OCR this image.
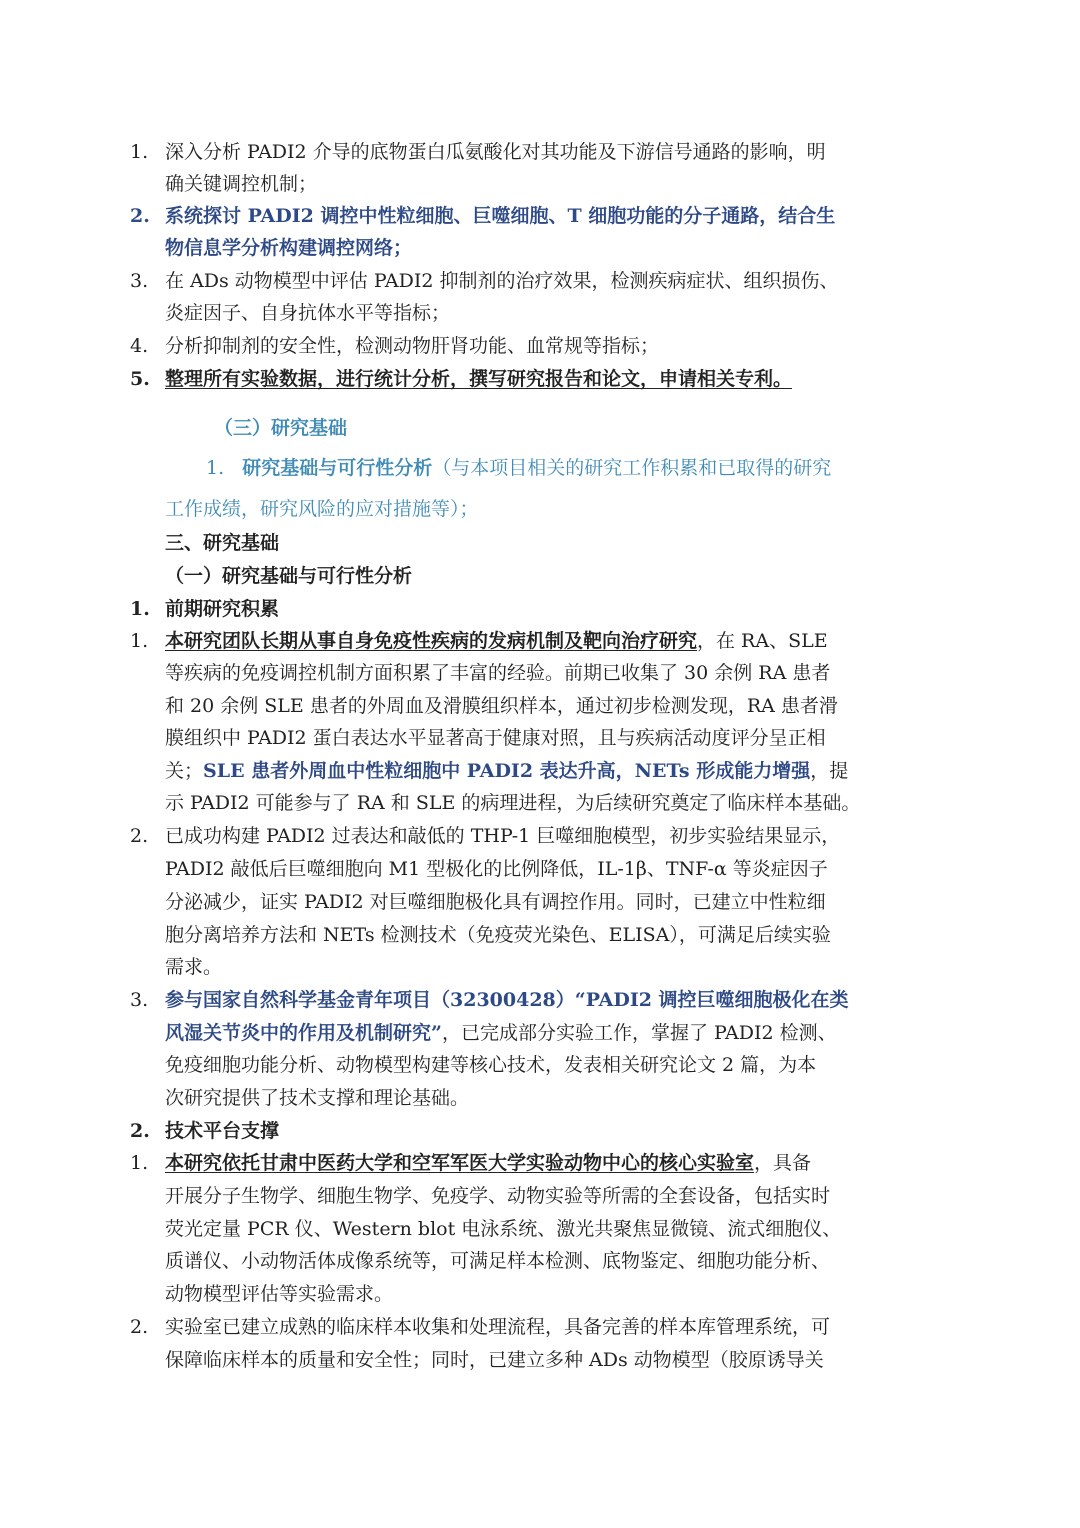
1. 深入分析 PADI2 介导的底物蛋白瓜氨酸化对其功能及下游信号通路的影响，明
确关键调控机制；
2. 系统探讨 PADI2 调控中性粒细胞、巨噬细胞、T 细胞功能的分子通路，结合生
物信息学分析构建调控网络；
3. 在 ADs 动物模型中评估 PADI2 抑制剂的治疗效果，检测疾病症状、组织损伤、
炎症因子、自身抗体水平等指标；
4. 分析抑制剂的安全性，检测动物肝肾功能、血常规等指标；
5. 整理所有实验数据，进行统计分析，撰写研究报告和论文，申请相关专利。
（三）研究基础
1. 研究基础与可行性分析（与本项目相关的研究工作积累和已取得的研究
工作成绩，研究风险的应对措施等）；
三、研究基础
（一）研究基础与可行性分析
1. 前期研究积累
1. 本研究团队长期从事自身免疫性疾病的发病机制及靶向治疗研究，在 RA、SLE
等疾病的免疫调控机制方面积累了丰富的经验。前期已收集了 30 余例 RA 患者
和 20 余例 SLE 患者的外周血及滑膜组织样本，通过初步检测发现，RA 患者滑
膜组织中 PADI2 蛋白表达水平显著高于健康对照，且与疾病活动度评分呈正相
关；SLE 患者外周血中性粒细胞中 PADI2 表达升高，NETs 形成能力增强，提
示 PADI2 可能参与了 RA 和 SLE 的病理进程，为后续研究奠定了临床样本基础。
2. 已成功构建 PADI2 过表达和敲低的 THP-1 巨噬细胞模型，初步实验结果显示，
PADI2 敲低后巨噬细胞向 M1 型极化的比例降低，IL-1β、TNF-α 等炎症因子
分泌减少，证实 PADI2 对巨噬细胞极化具有调控作用。同时，已建立中性粒细
胞分离培养方法和 NETs 检测技术（免疫荧光染色、ELISA），可满足后续实验
需求。
3. 参与国家自然科学基金青年项目（32300428）“PADI2 调控巨噬细胞极化在类
风湿关节炎中的作用及机制研究”，已完成部分实验工作，掌握了 PADI2 检测、
免疫细胞功能分析、动物模型构建等核心技术，发表相关研究论文 2 篇，为本
次研究提供了技术支撑和理论基础。
2. 技术平台支撑
1. 本研究依托甘肃中医药大学和空军军医大学实验动物中心的核心实验室，具备
开展分子生物学、细胞生物学、免疫学、动物实验等所需的全套设备，包括实时
荧光定量 PCR 仪、Western blot 电泳系统、激光共聚焦显微镜、流式细胞仪、
质谱仪、小动物活体成像系统等，可满足样本检测、底物鉴定、细胞功能分析、
动物模型评估等实验需求。
2. 实验室已建立成熟的临床样本收集和处理流程，具备完善的样本库管理系统，可
保障临床样本的质量和安全性；同时，已建立多种 ADs 动物模型（胶原诱导关
